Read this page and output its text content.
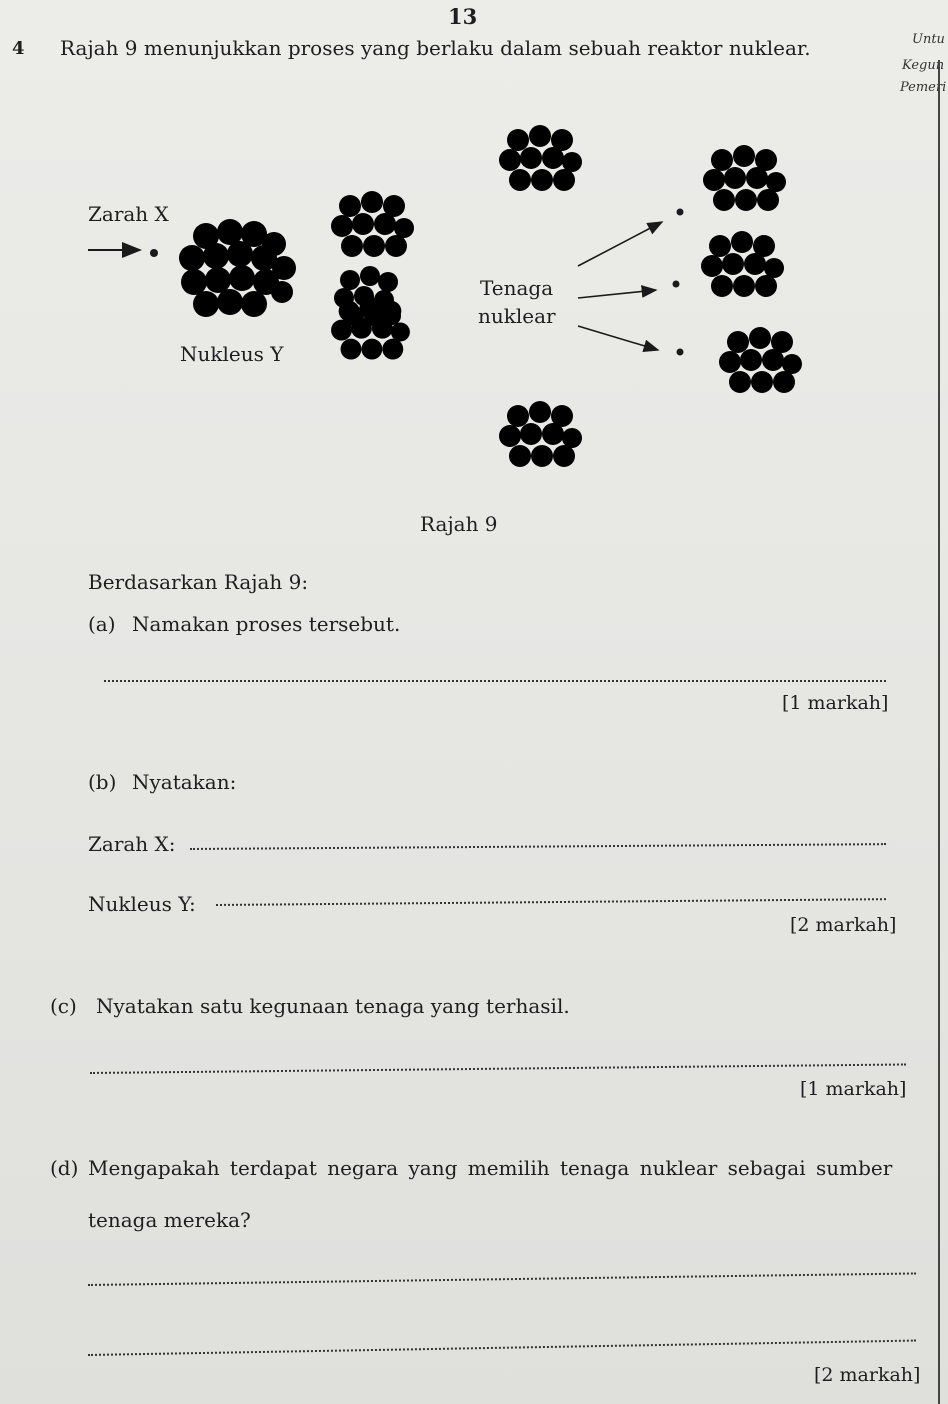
13
Untu
Kegun
Pemeri
4 Rajah 9 menunjukkan proses yang berlaku dalam sebuah reaktor nuklear.
Zarah X
Nukleus Y
Tenaga
nuklear
Rajah 9
Berdasarkan Rajah 9:
(a) Namakan proses tersebut.
[1 markah]
(b) Nyatakan:
Zarah X:
Nukleus Y:
[2 markah]
(c) Nyatakan satu kegunaan tenaga yang terhasil.
[1 markah]
(d) Mengapakah terdapat negara yang memilih tenaga nuklear sebagai sumber
tenaga mereka?
[2 markah]
